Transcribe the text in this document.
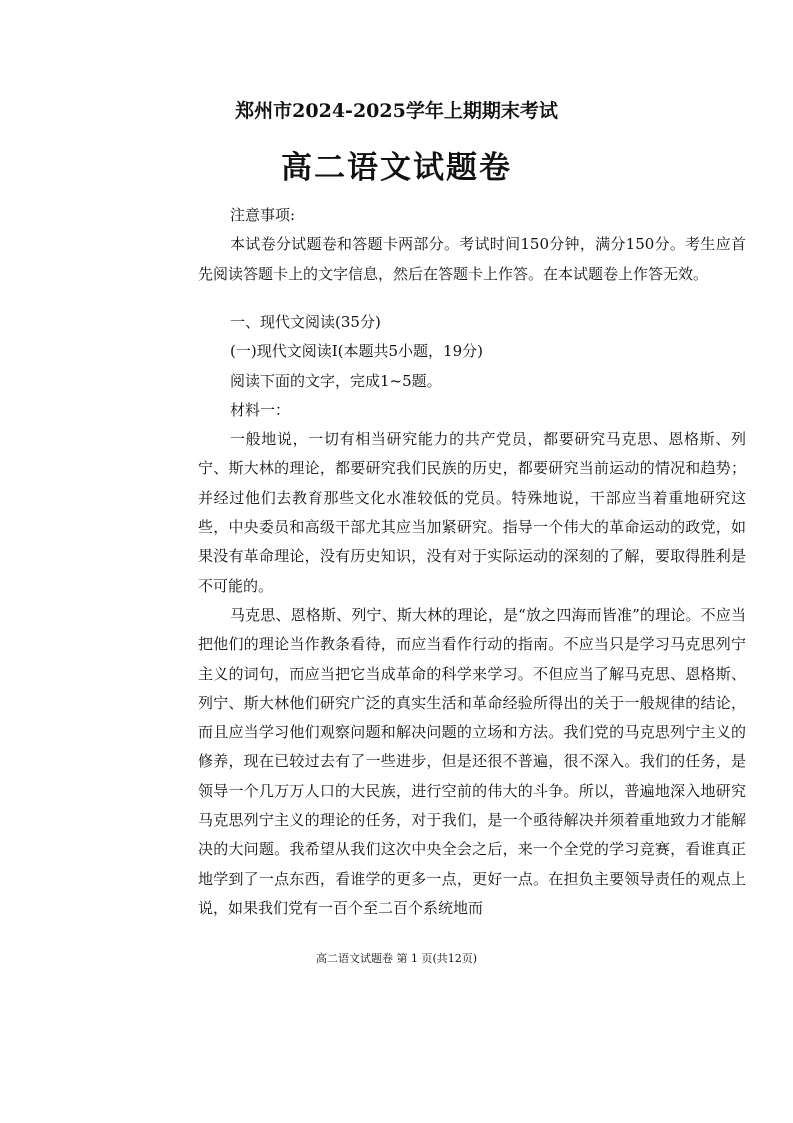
郑州市2024-2025学年上期期末考试
高二语文试题卷

注意事项:

本试卷分试题卷和答题卡两部分。考试时间150分钟，满分150分。考生应首先阅读答题卡上的文字信息，然后在答题卡上作答。在本试题卷上作答无效。

一、现代文阅读(35分)

(一)现代文阅读Ⅰ(本题共5小题，19分)

阅读下面的文字，完成1~5题。

材料一：

一般地说，一切有相当研究能力的共产党员，都要研究马克思、恩格斯、列宁、斯大林的理论，都要研究我们民族的历史，都要研究当前运动的情况和趋势；并经过他们去教育那些文化水准较低的党员。特殊地说，干部应当着重地研究这些，中央委员和高级干部尤其应当加紧研究。指导一个伟大的革命运动的政党，如果没有革命理论，没有历史知识，没有对于实际运动的深刻的了解，要取得胜利是不可能的。

马克思、恩格斯、列宁、斯大林的理论，是“放之四海而皆准”的理论。不应当把他们的理论当作教条看待，而应当看作行动的指南。不应当只是学习马克思列宁主义的词句，而应当把它当成革命的科学来学习。不但应当了解马克思、恩格斯、列宁、斯大林他们研究广泛的真实生活和革命经验所得出的关于一般规律的结论，而且应当学习他们观察问题和解决问题的立场和方法。我们党的马克思列宁主义的修养，现在已较过去有了一些进步，但是还很不普遍，很不深入。我们的任务，是领导一个几万万人口的大民族，进行空前的伟大的斗争。所以，普遍地深入地研究马克思列宁主义的理论的任务，对于我们，是一个亟待解决并须着重地致力才能解决的大问题。我希望从我们这次中央全会之后，来一个全党的学习竞赛，看谁真正地学到了一点东西，看谁学的更多一点，更好一点。在担负主要领导责任的观点上说，如果我们党有一百个至二百个系统地而

高二语文试题卷 第 1 页(共12页)
